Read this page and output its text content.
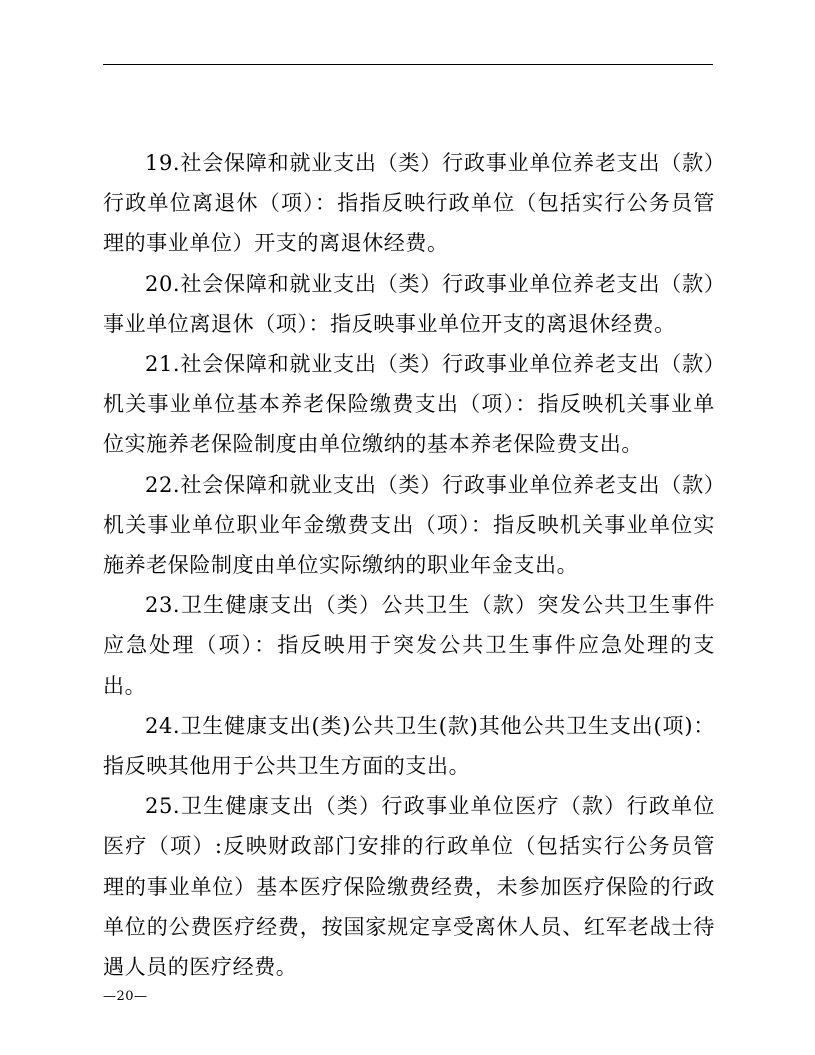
19.社会保障和就业支出（类）行政事业单位养老支出（款）行政单位离退休（项）：指指反映行政单位（包括实行公务员管理的事业单位）开支的离退休经费。

20.社会保障和就业支出（类）行政事业单位养老支出（款）事业单位离退休（项）：指反映事业单位开支的离退休经费。

21.社会保障和就业支出（类）行政事业单位养老支出（款）机关事业单位基本养老保险缴费支出（项）：指反映机关事业单位实施养老保险制度由单位缴纳的基本养老保险费支出。

22.社会保障和就业支出（类）行政事业单位养老支出（款）机关事业单位职业年金缴费支出（项）：指反映机关事业单位实施养老保险制度由单位实际缴纳的职业年金支出。

23.卫生健康支出（类）公共卫生（款）突发公共卫生事件应急处理（项）：指反映用于突发公共卫生事件应急处理的支出。

24.卫生健康支出(类)公共卫生(款)其他公共卫生支出(项)：指反映其他用于公共卫生方面的支出。

25.卫生健康支出（类）行政事业单位医疗（款）行政单位医疗（项）:反映财政部门安排的行政单位（包括实行公务员管理的事业单位）基本医疗保险缴费经费，未参加医疗保险的行政单位的公费医疗经费，按国家规定享受离休人员、红军老战士待遇人员的医疗经费。

—20—
